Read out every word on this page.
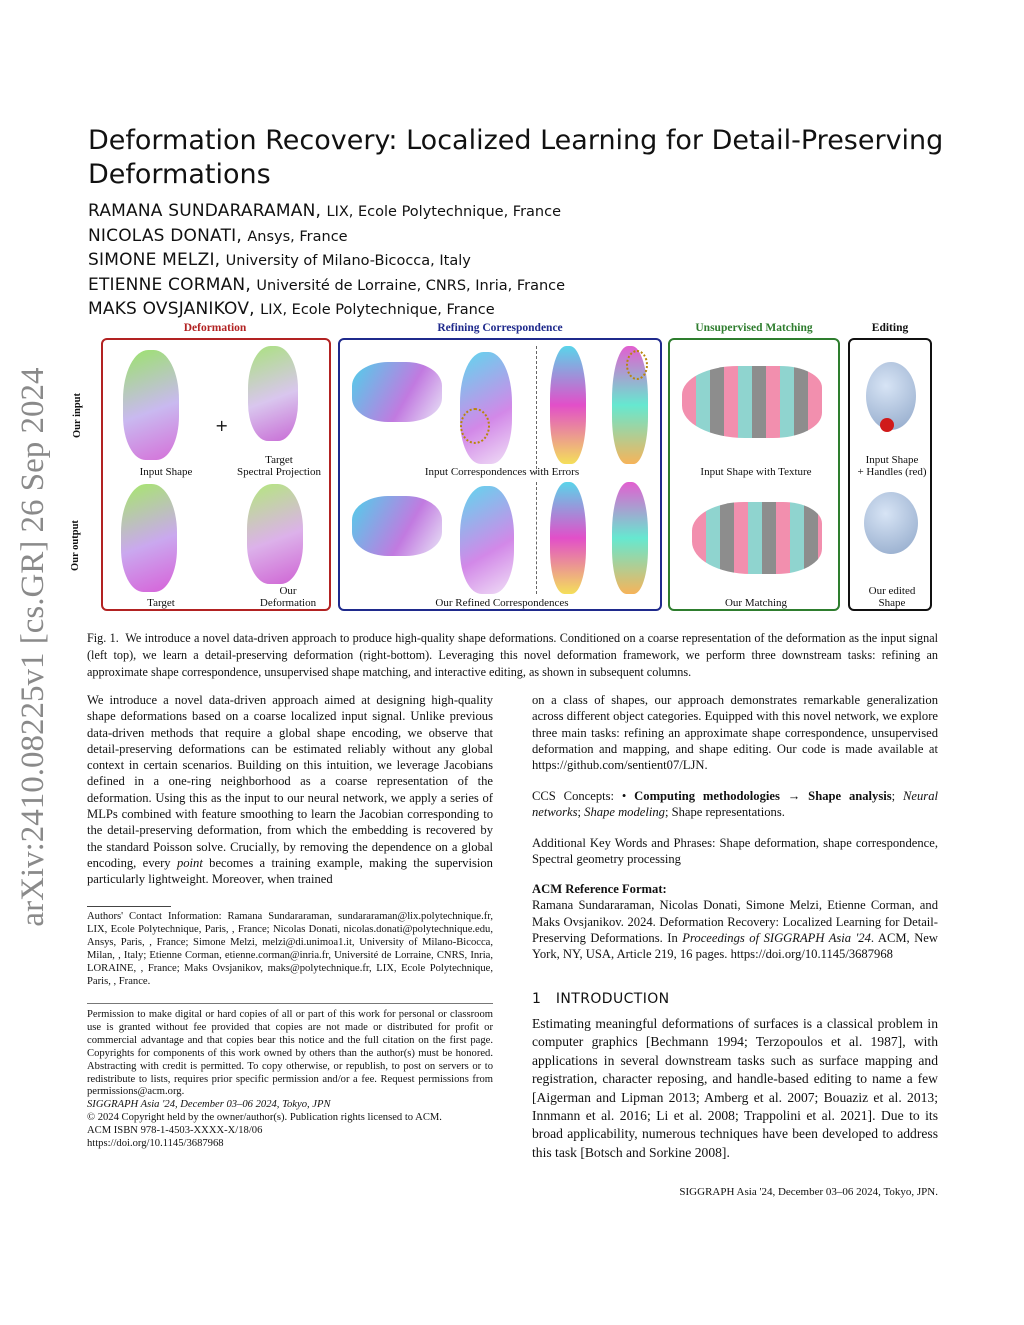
arXiv:2410.08225v1 [cs.GR] 26 Sep 2024
Deformation Recovery: Localized Learning for Detail-Preserving Deformations
RAMANA SUNDARARAMAN, LIX, Ecole Polytechnique, France
NICOLAS DONATI, Ansys, France
SIMONE MELZI, University of Milano-Bicocca, Italy
ETIENNE CORMAN, Université de Lorraine, CNRS, Inria, France
MAKS OVSJANIKOV, LIX, Ecole Polytechnique, France
Deformation	Refining Correspondence	Unsupervised Matching	Editing
Our input
Our output
+
Input Shape
Target
Spectral Projection
Target
Our
Deformation
Input Correspondences with Errors
Our Refined Correspondences
Input Shape with Texture
Our Matching
Input Shape
+ Handles (red)
Our edited
Shape
Fig. 1. We introduce a novel data-driven approach to produce high-quality shape deformations. Conditioned on a coarse representation of the deformation as the input signal (left top), we learn a detail-preserving deformation (right-bottom). Leveraging this novel deformation framework, we perform three downstream tasks: refining an approximate shape correspondence, unsupervised shape matching, and interactive editing, as shown in subsequent columns.
We introduce a novel data-driven approach aimed at designing high-quality shape deformations based on a coarse localized input signal. Unlike previous data-driven methods that require a global shape encoding, we observe that detail-preserving deformations can be estimated reliably without any global context in certain scenarios. Building on this intuition, we leverage Jacobians defined in a one-ring neighborhood as a coarse representation of the deformation. Using this as the input to our neural network, we apply a series of MLPs combined with feature smoothing to learn the Jacobian corresponding to the detail-preserving deformation, from which the embedding is recovered by the standard Poisson solve. Crucially, by removing the dependence on a global encoding, every point becomes a training example, making the supervision particularly lightweight. Moreover, when trained
Authors' Contact Information: Ramana Sundararaman, sundararaman@lix.polytechnique.fr, LIX, Ecole Polytechnique, Paris, , France; Nicolas Donati, nicolas.donati@polytechnique.edu, Ansys, Paris, , France; Simone Melzi, melzi@di.unimoa1.it, University of Milano-Bicocca, Milan, , Italy; Etienne Corman, etienne.corman@inria.fr, Université de Lorraine, CNRS, Inria, LORAINE, , France; Maks Ovsjanikov, maks@polytechnique.fr, LIX, Ecole Polytechnique, Paris, , France.
Permission to make digital or hard copies of all or part of this work for personal or classroom use is granted without fee provided that copies are not made or distributed for profit or commercial advantage and that copies bear this notice and the full citation on the first page. Copyrights for components of this work owned by others than the author(s) must be honored. Abstracting with credit is permitted. To copy otherwise, or republish, to post on servers or to redistribute to lists, requires prior specific permission and/or a fee. Request permissions from permissions@acm.org.
SIGGRAPH Asia '24, December 03–06 2024, Tokyo, JPN
© 2024 Copyright held by the owner/author(s). Publication rights licensed to ACM.
ACM ISBN 978-1-4503-XXXX-X/18/06
https://doi.org/10.1145/3687968
on a class of shapes, our approach demonstrates remarkable generalization across different object categories. Equipped with this novel network, we explore three main tasks: refining an approximate shape correspondence, unsupervised deformation and mapping, and shape editing. Our code is made available at https://github.com/sentient07/LJN.
CCS Concepts: • Computing methodologies → Shape analysis; Neural networks; Shape modeling; Shape representations.
Additional Key Words and Phrases: Shape deformation, shape correspondence, Spectral geometry processing
ACM Reference Format:
Ramana Sundararaman, Nicolas Donati, Simone Melzi, Etienne Corman, and Maks Ovsjanikov. 2024. Deformation Recovery: Localized Learning for Detail-Preserving Deformations. In Proceedings of SIGGRAPH Asia '24. ACM, New York, NY, USA, Article 219, 16 pages. https://doi.org/10.1145/3687968
1 INTRODUCTION
Estimating meaningful deformations of surfaces is a classical problem in computer graphics [Bechmann 1994; Terzopoulos et al. 1987], with applications in several downstream tasks such as surface mapping and registration, character reposing, and handle-based editing to name a few [Aigerman and Lipman 2013; Amberg et al. 2007; Bouaziz et al. 2013; Innmann et al. 2016; Li et al. 2008; Trappolini et al. 2021]. Due to its broad applicability, numerous techniques have been developed to address this task [Botsch and Sorkine 2008].
SIGGRAPH Asia '24, December 03–06 2024, Tokyo, JPN.
